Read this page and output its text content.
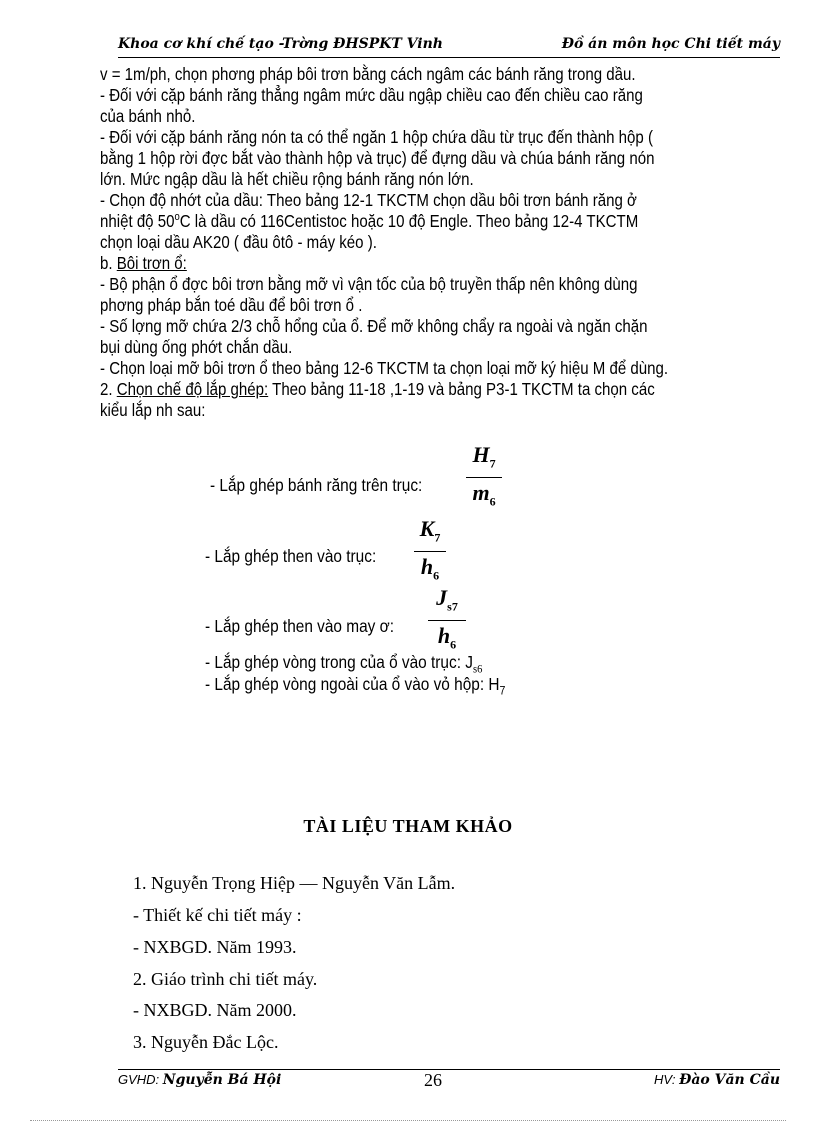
Khoa cơ khí chế tạo -Trờng ĐHSPKT Vinh	Đồ án môn học Chi tiết máy
v = 1m/ph, chọn phơng pháp bôi trơn bằng cách ngâm các bánh răng trong dầu.
- Đối với cặp bánh răng thẳng ngâm mức dầu ngập chiều cao đến chiều cao răng
của bánh nhỏ.
- Đối với cặp bánh răng nón ta có thể ngăn 1 hộp chứa dầu từ trục đến thành hộp (
bằng 1 hộp rời đợc bắt vào thành hộp và trục) để đựng dầu và chúa bánh răng nón
lớn. Mức ngập dầu là hết chiều rộng bánh răng nón lớn.
- Chọn độ nhớt của dầu: Theo bảng 12-1 TKCTM chọn dầu bôi trơn bánh răng ở
nhiệt độ 50$^o$C là dầu có 116Centistoc hoặc 10 độ Engle. Theo bảng 12-4 TKCTM
chọn loại dầu AK20 ( đầu ôtô - máy kéo ).
b. Bôi trơn ổ:
- Bộ phận ổ đợc bôi trơn bằng mỡ vì vận tốc của bộ truyền thấp nên không dùng
phơng pháp bắn toé dầu để bôi trơn ổ .
- Số lợng mỡ chứa 2/3 chỗ hổng của ổ. Để mỡ không chẩy ra ngoài và ngăn chặn
bụi dùng ống phớt chắn dầu.
- Chọn loại mỡ bôi trơn ổ theo bảng 12-6 TKCTM ta chọn loại mỡ ký hiệu M để dùng.
2. Chọn chế độ lắp ghép: Theo bảng 11-18 ,1-19 và bảng P3-1 TKCTM ta chọn các
kiểu lắp nh sau:
- Lắp ghép bánh răng trên trục:
$H_7$
$m_6$
- Lắp ghép then vào trục:
$K_7$
$h_6$
- Lắp ghép then vào may ơ:
$J_{s7}$
$h_6$
- Lắp ghép vòng trong của ổ vào trục: $J_{s6}$
- Lắp ghép vòng ngoài của ổ vào vỏ hộp: $H_7$
TÀI LIỆU THAM KHẢO
1. Nguyễn Trọng Hiệp — Nguyễn Văn Lẫm.
- Thiết kế chi tiết máy :
- NXBGD. Năm 1993.
2. Giáo trình chi tiết máy.
- NXBGD. Năm 2000.
3. Nguyễn Đắc Lộc.
GVHD: Nguyễn Bá Hội	26	HV: Đào Văn Cầu
